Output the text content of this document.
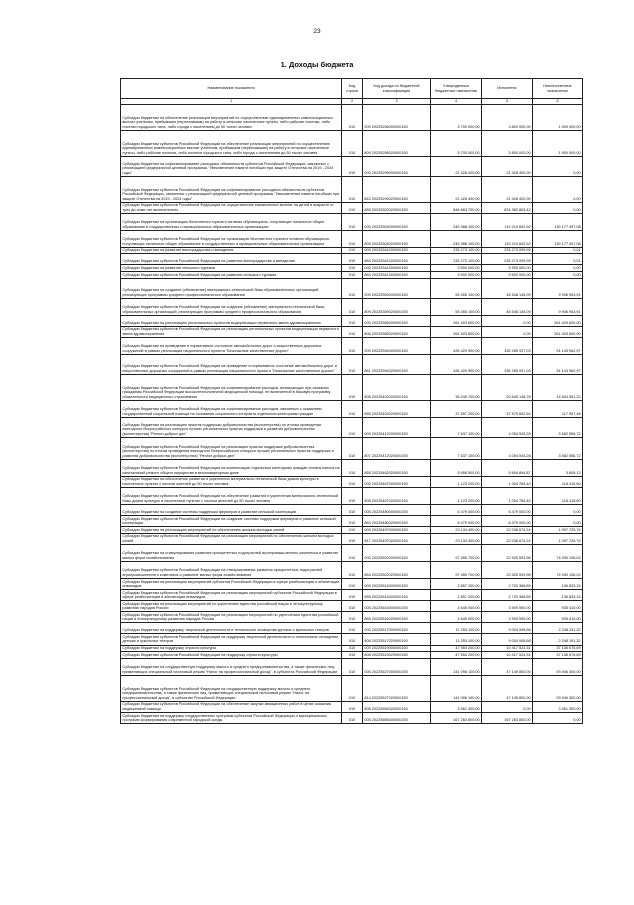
23
1. Доходы бюджета
Наименование показателя	Код строки	Код дохода по бюджетной классификации	Утвержденные бюджетные назначения	Исполнено	Неисполненные назначения
1	2	3	4	5	6
Субсидии бюджетам на обеспечение реализации мероприятий по осуществлению единовременных компенсационных выплат учителям, прибывшим (переехавшим) на работу в сельские населенные пункты, либо рабочие поселки, либо поселки городского типа, либо города с населением до 50 тысяч человек	010	000 20225256000000150	5 700 000,00	3 800 000,00	1 900 000,00
Субсидии бюджетам субъектов Российской Федерации на обеспечение реализации мероприятий по осуществлению единовременных компенсационных выплат учителям, прибывшим (переехавшим) на работу в сельские населенные пункты, либо рабочие поселки, либо поселки городского типа, либо города с населением до 50 тысяч человек	010	809 20225256020000150	5 700 000,00	3 800 000,00	1 900 000,00
Субсидии бюджетам на софинансирование расходных обязательств субъектов Российской Федерации, связанных с реализацией федеральной целевой программы "Увековечение памяти погибших при защите Отечества на 2019 - 2024 годы"	010	000 20225299000000150	21 428 400,00	21 428 400,00	0,00
Субсидии бюджетам субъектов Российской Федерации на софинансирование расходных обязательств субъектов Российской Федерации, связанных с реализацией федеральной целевой программы "Увековечение памяти погибших при защите Отечества на 2019 - 2024 годы"	010	842 20225299020000150	21 428 400,00	21 428 400,00	0,00
Субсидии бюджетам субъектов Российской Федерации на осуществление ежемесячных выплат на детей в возрасте от трех до семи лет включительно	010	855 20225302020000150	848 663 700,00	824 982 863,42	0,00
Субсидии бюджетам на организацию бесплатного горячего питания обучающихся, получающих начальное общее образование в государственных и муниципальных образовательных организациях	010	000 20225304000000150	249 388 100,00	119 210 602,92	130 177 497,08
Субсидии бюджетам субъектов Российской Федерации на организацию бесплатного горячего питания обучающихся, получающих начальное общее образование в государственных и муниципальных образовательных организациях	010	809 20225304020000150	249 388 100,00	119 210 602,92	130 177 497,08
Субсидии бюджетам на развитие виноградарства и виноделия	010	000 20225341000000150	233 273 100,00	233 273 099,99	0,01
Субсидии бюджетам субъектов Российской Федерации на развитие виноградарства и виноделия	010	864 20225341020000150	233 273 100,00	233 273 099,99	0,01
Субсидии бюджетам на развитие сельского туризма	010	000 20225341300000150	9 500 000,00	9 500 000,00	0,00
Субсидии бюджетам субъектов Российской Федерации на развитие сельского туризма	010	864 20225341302000150	9 500 000,00	9 500 000,00	0,00
Субсидии бюджетам на создание (обновление) материально-технической базы образовательных организаций, реализующих программы среднего профессионального образования	010	000 20225359000000150	55 455 100,00	46 548 145,09	9 906 953,91
Субсидии бюджетам субъектов Российской Федерации на создание (обновление) материально-технической базы образовательных организаций, реализующих программы среднего профессионального образования	010	809 20225359020000150	55 455 100,00	46 548 145,09	9 906 953,91
Субсидии бюджетам на реализацию региональных проектов модернизации первичного звена здравоохранения	010	000 20225365000000150	261 403 600,00	0,00	261 403 600,00
Субсидии бюджетам субъектов Российской Федерации на реализацию региональных проектов модернизации первичного звена здравоохранения	010	806 20225365020000150	261 403 600,00	0,00	261 403 600,00
Субсидии бюджетам на приведение в нормативное состояние автомобильных дорог и искусственных дорожных сооружений в рамках реализации национального проекта "Безопасные качественные дороги"	010	000 20225394000000150	426 429 900,00	335 285 937,03	91 143 962,97
Субсидии бюджетам субъектов Российской Федерации на приведение в нормативное состояние автомобильных дорог и искусственных дорожных сооружений в рамках реализации национального проекта "Безопасные качественные дороги"	010	861 20225394020000150	426 429 900,00	335 285 937,03	91 143 962,97
Субсидии бюджетам субъектов Российской Федерации на софинансирование расходов, возникающих при оказании гражданам Российской Федерации высокотехнологичной медицинской помощи, не включенной в базовую программу обязательного медицинского страхования	010	806 20225402020000150	35 249 700,00	20 645 148,78	14 604 551,22
Субсидии бюджетам субъектов Российской Федерации на софинансирование расходов, связанных с оказанием государственной социальной помощи на основании социального контракта отдельным категориям граждан	010	855 20225404020000150	37 697 200,00	37 579 602,52	117 597,48
Субсидии бюджетам на реализацию практик поддержки добровольчества (волонтерства) по итогам проведения ежегодного Всероссийского конкурса лучших региональных практик поддержки и развития добровольчества (волонтерства) "Регион добрых дел"	010	000 20225412000000150	7 637 100,00	4 054 543,28	3 582 556,72
Субсидии бюджетам субъектов Российской Федерации на реализацию практик поддержки добровольчества (волонтерства) по итогам проведения ежегодного Всероссийского конкурса лучших региональных практик поддержки и развития добровольчества (волонтерства) "Регион добрых дел"	010	807 20225412020000150	7 637 100,00	4 054 543,28	3 582 556,72
Субсидии бюджетам субъектов Российской Федерации на компенсацию отдельным категориям граждан оплаты взноса на капитальный ремонт общего имущества в многоквартирном доме	010	855 20225462020000150	5 658 500,00	5 654 894,87	3 605,13
Субсидии бюджетам на обеспечение развития и укрепления материально-технической базы домов культуры в населенных пунктах с числом жителей до 50 тысяч человек	010	000 20225467000000150	1 123 200,00	1 004 784,40	118 415,60
Субсидии бюджетам субъектов Российской Федерации на обеспечение развития и укрепления материально-технической базы домов культуры в населенных пунктах с числом жителей до 50 тысяч человек	010	808 20225467020000150	1 123 200,00	1 004 784,40	118 415,60
Субсидии бюджетам на создание системы поддержки фермеров и развитие сельской кооперации	010	000 20225480000000150	6 479 000,00	6 479 000,00	0,00
Субсидии бюджетам субъектов Российской Федерации на создание системы поддержки фермеров и развитие сельской кооперации	010	864 20225480020000150	6 479 000,00	6 479 000,00	0,00
Субсидии бюджетам на реализацию мероприятий по обеспечению жильем молодых семей	010	000 20225497000000150	23 134 400,00	22 036 674,24	1 097 725,76
Субсидии бюджетам субъектов Российской Федерации на реализацию мероприятий по обеспечению жильем молодых семей	010	817 20225497020000150	23 134 400,00	22 036 674,24	1 097 725,76
Субсидии бюджетам на стимулирование развития приоритетных подотраслей агропромышленного комплекса и развитие малых форм хозяйствования	010	000 20225502000000150	97 455 700,00	22 525 593,98	74 930 106,02
Субсидии бюджетам субъектов Российской Федерации на стимулирование развития приоритетных подотраслей агропромышленного комплекса и развитие малых форм хозяйствования	010	864 20225502020000150	97 455 700,00	22 525 593,98	74 930 106,02
Субсидии бюджетам на реализацию мероприятий субъектов Российской Федерации в сфере реабилитации и абилитации инвалидов	010	000 20225514000000150	2 857 200,00	2 720 366,85	136 833,15
Субсидии бюджетам субъектов Российской Федерации на реализацию мероприятий субъектов Российской Федерации в сфере реабилитации и абилитации инвалидов	010	855 20225514020000150	2 857 200,00	2 720 366,85	136 833,15
Субсидии бюджетам на реализацию мероприятий по укреплению единства российской нации и этнокультурному развитию народов России	010	000 20225516000000150	4 645 000,00	3 909 590,00	935 410,00
Субсидии бюджетам субъектов Российской Федерации на реализацию мероприятий по укреплению единства российской нации и этнокультурному развитию народов России	010	865 20225516020000150	4 645 000,00	3 909 590,00	935 410,00
Субсидии бюджетам на поддержку творческой деятельности и техническое оснащение детских и кукольных театров	010	000 20225517000000150	11 253 100,00	9 004 908,68	2 248 191,32
Субсидии бюджетам субъектов Российской Федерации на поддержку творческой деятельности и техническое оснащение детских и кукольных театров	010	808 20225517020000150	11 253 100,00	9 004 908,68	2 248 191,32
Субсидии бюджетам на поддержку отрасли культуры	010	000 20225519000000150	47 554 200,00	10 417 524,31	37 136 675,69
Субсидии бюджетам субъектов Российской Федерации на поддержку отрасли культуры	010	808 20225519020000150	47 554 200,00	10 417 524,31	37 136 675,69
Субсидии бюджетам на государственную поддержку малого и среднего предпринимательства, а также физических лиц, применяющих специальный налоговый режим "Налог на профессиональный доход", в субъектах Российской Федерации	010	000 20225527000000150	141 096 100,00	47 149 800,00	93 946 300,00
Субсидии бюджетам субъектов Российской Федерации на государственную поддержку малого и среднего предпринимательства, а также физических лиц, применяющих специальный налоговый режим "Налог на профессиональный доход", в субъектах Российской Федерации	010	814 20225527020000150	141 096 100,00	47 149 800,00	93 946 300,00
Субсидии бюджетам субъектов Российской Федерации на обеспечение закупки авиационных работ в целях оказания медицинской помощи	010	806 20225554020000150	3 961 300,00	0,00	3 961 300,00
Субсидии бюджетам на поддержку государственных программ субъектов Российской Федерации и муниципальных программ формирования современной городской среды	010	000 20225555000000150	167 263 800,00	167 263 800,00	0,00
